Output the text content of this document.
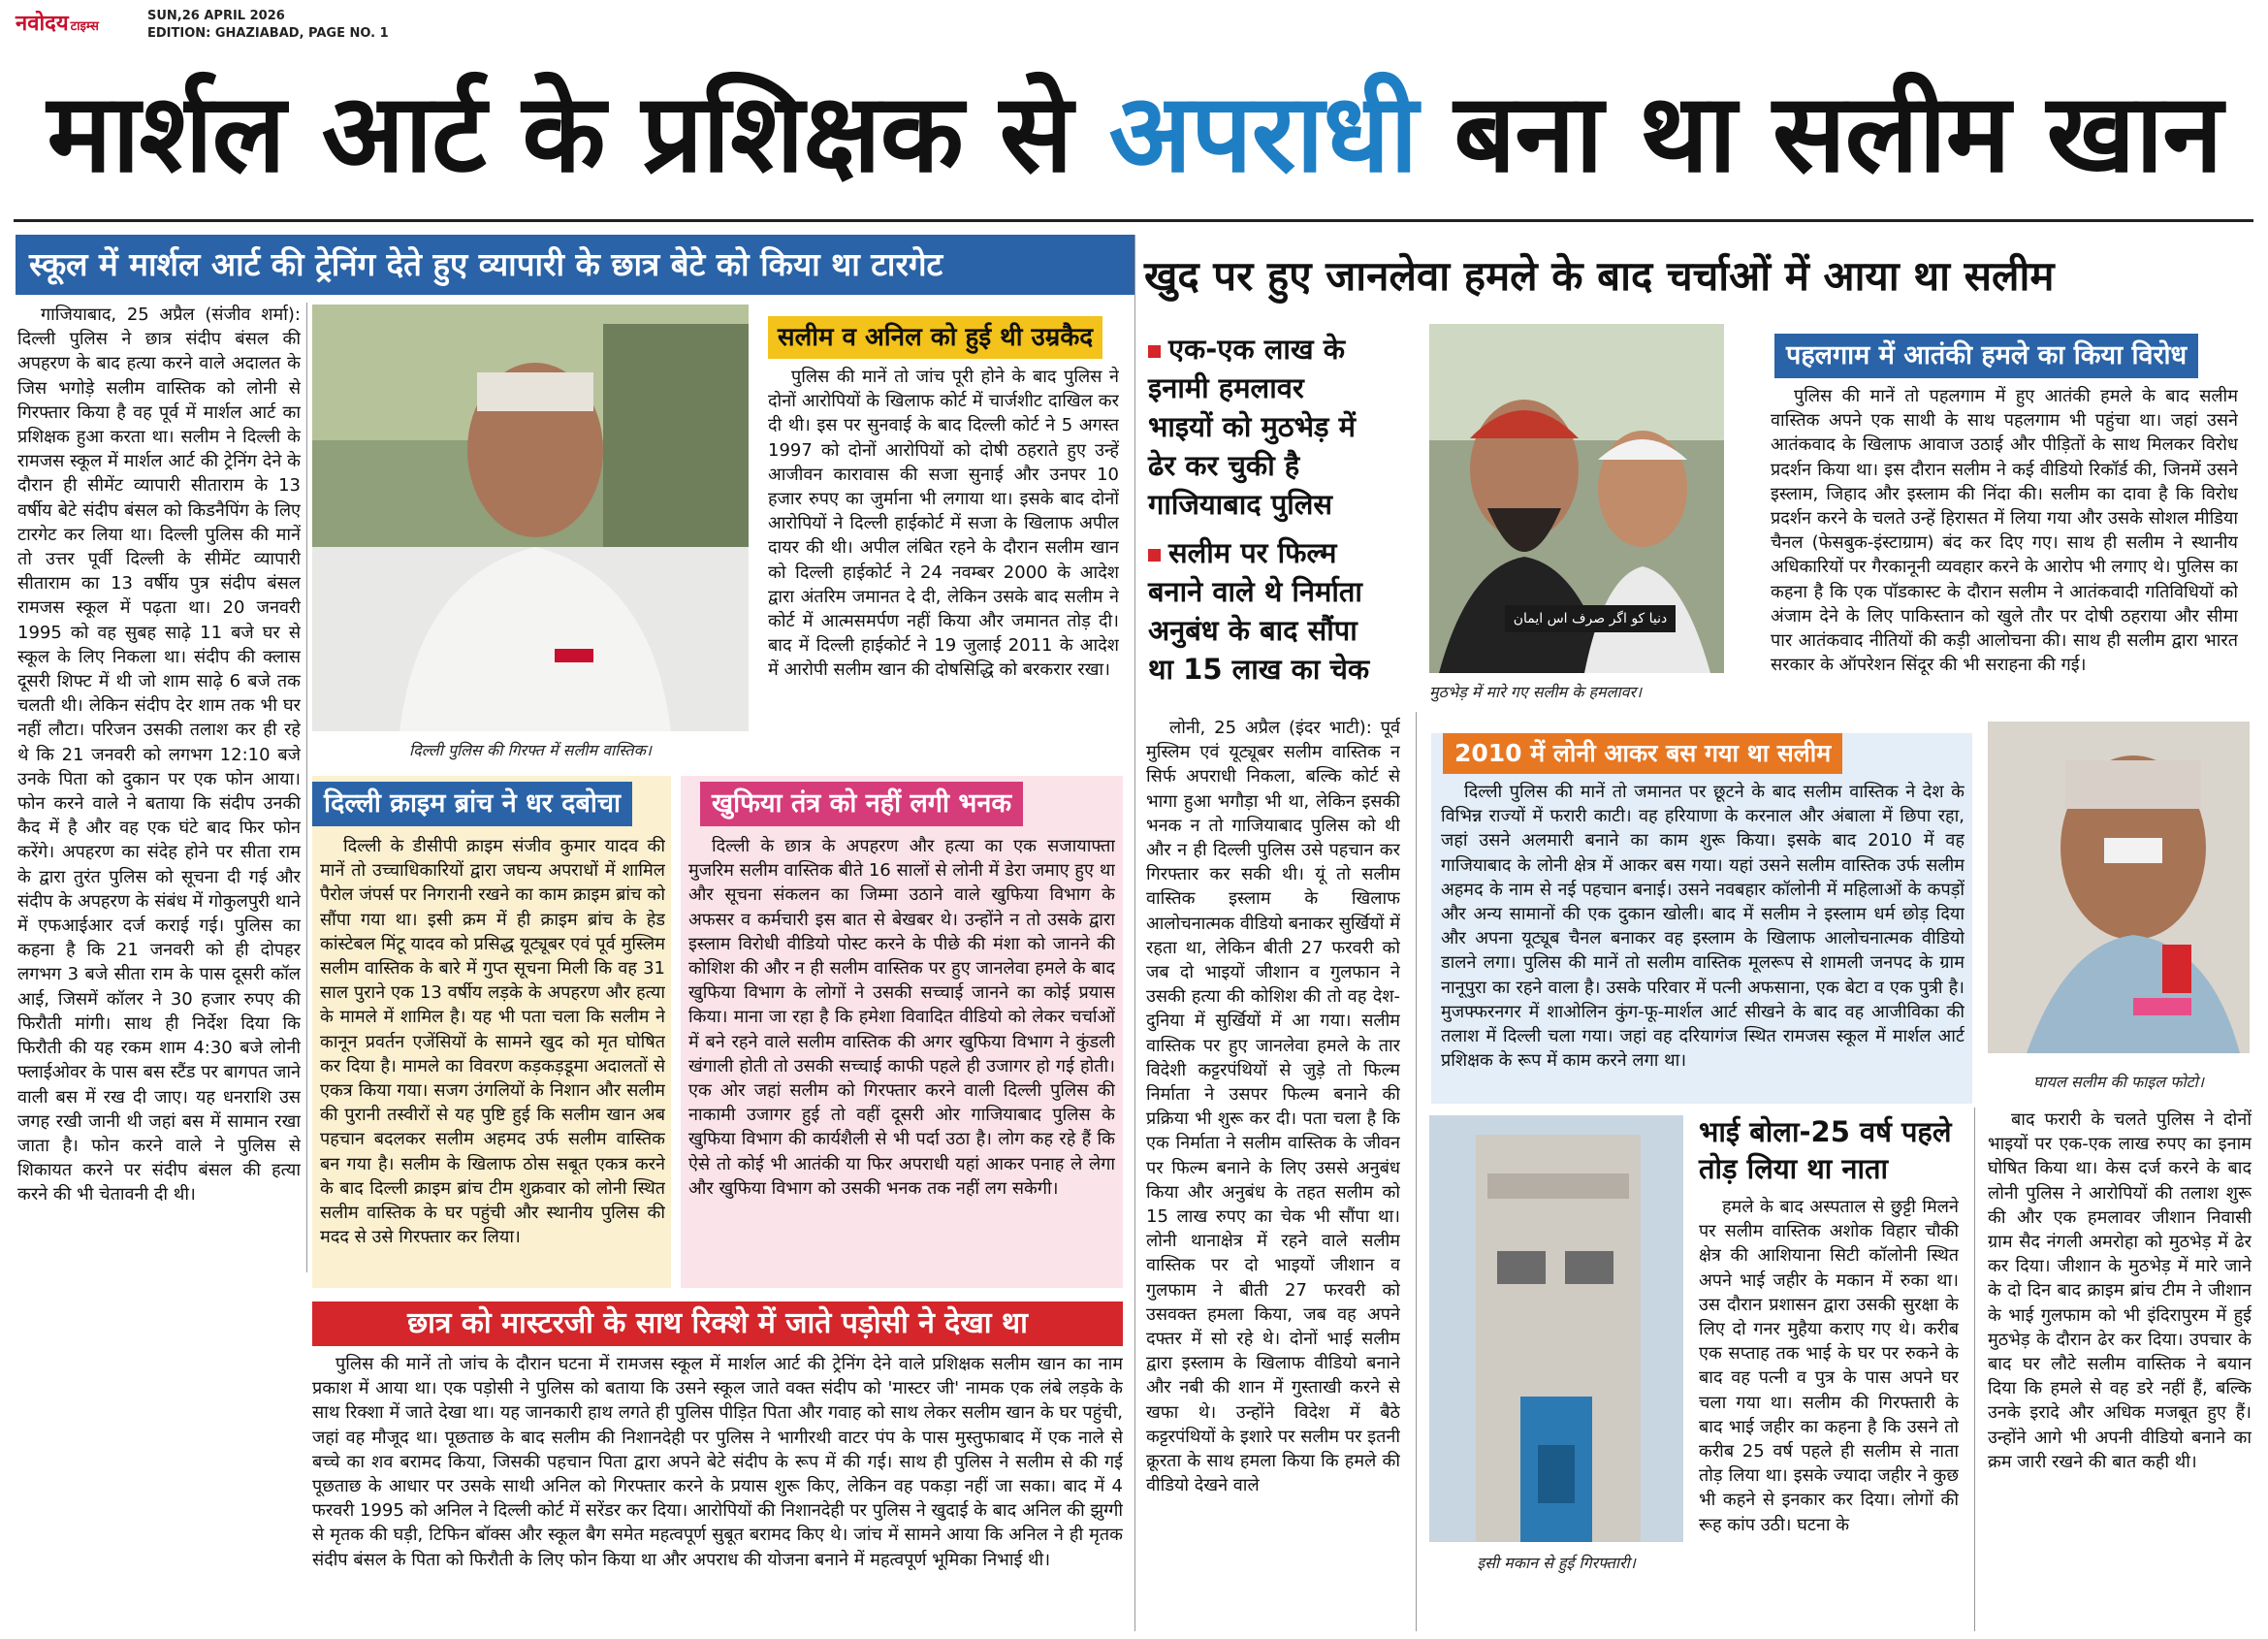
नवोदय टाइम्स
SUN,26 APRIL 2026
EDITION: GHAZIABAD, PAGE NO. 1
मार्शल आर्ट के प्रशिक्षक से अपराधी बना था सलीम खान
स्कूल में मार्शल आर्ट की ट्रेनिंग देते हुए व्यापारी के छात्र बेटे को किया था टारगेट

गाजियाबाद, 25 अप्रैल (संजीव शर्मा): दिल्ली पुलिस ने छात्र संदीप बंसल की अपहरण के बाद हत्या करने वाले अदालत के जिस भगोड़े सलीम वास्तिक को लोनी से गिरफ्तार किया है वह पूर्व में मार्शल आर्ट का प्रशिक्षक हुआ करता था। सलीम ने दिल्ली के रामजस स्कूल में मार्शल आर्ट की ट्रेनिंग देने के दौरान ही सीमेंट व्यापारी सीताराम के 13 वर्षीय बेटे संदीप बंसल को किडनैपिंग के लिए टारगेट कर लिया था। दिल्ली पुलिस की मानें तो उत्तर पूर्वी दिल्ली के सीमेंट व्यापारी सीताराम का 13 वर्षीय पुत्र संदीप बंसल रामजस स्कूल में पढ़ता था। 20 जनवरी 1995 को वह सुबह साढ़े 11 बजे घर से स्कूल के लिए निकला था। संदीप की क्लास दूसरी शिफ्ट में थी जो शाम साढ़े 6 बजे तक चलती थी। लेकिन संदीप देर शाम तक भी घर नहीं लौटा। परिजन उसकी तलाश कर ही रहे थे कि 21 जनवरी को लगभग 12:10 बजे उनके पिता को दुकान पर एक फोन आया। फोन करने वाले ने बताया कि संदीप उनकी कैद में है और वह एक घंटे बाद फिर फोन करेंगे। अपहरण का संदेह होने पर सीता राम के द्वारा तुरंत पुलिस को सूचना दी गई और संदीप के अपहरण के संबंध में गोकुलपुरी थाने में एफआईआर दर्ज कराई गई। पुलिस का कहना है कि 21 जनवरी को ही दोपहर लगभग 3 बजे सीता राम के पास दूसरी कॉल आई, जिसमें कॉलर ने 30 हजार रुपए की फिरौती मांगी। साथ ही निर्देश दिया कि फिरौती की यह रकम शाम 4:30 बजे लोनी फ्लाईओवर के पास बस स्टैंड पर बागपत जाने वाली बस में रख दी जाए। यह धनराशि उस जगह रखी जानी थी जहां बस में सामान रखा जाता है। फोन करने वाले ने पुलिस से शिकायत करने पर संदीप बंसल की हत्या करने की भी चेतावनी दी थी।

दिल्ली पुलिस की गिरफ्त में सलीम वास्तिक।
सलीम व अनिल को हुई थी उम्रकैद

पुलिस की मानें तो जांच पूरी होने के बाद पुलिस ने दोनों आरोपियों के खिलाफ कोर्ट में चार्जशीट दाखिल कर दी थी। इस पर सुनवाई के बाद दिल्ली कोर्ट ने 5 अगस्त 1997 को दोनों आरोपियों को दोषी ठहराते हुए उन्हें आजीवन कारावास की सजा सुनाई और उनपर 10 हजार रुपए का जुर्माना भी लगाया था। इसके बाद दोनों आरोपियों ने दिल्ली हाईकोर्ट में सजा के खिलाफ अपील दायर की थी। अपील लंबित रहने के दौरान सलीम खान को दिल्ली हाईकोर्ट ने 24 नवम्बर 2000 के आदेश द्वारा अंतरिम जमानत दे दी, लेकिन उसके बाद सलीम ने कोर्ट में आत्मसमर्पण नहीं किया और जमानत तोड़ दी। बाद में दिल्ली हाईकोर्ट ने 19 जुलाई 2011 के आदेश में आरोपी सलीम खान की दोषसिद्धि को बरकरार रखा।

दिल्ली क्राइम ब्रांच ने धर दबोचा

दिल्ली के डीसीपी क्राइम संजीव कुमार यादव की मानें तो उच्चाधिकारियों द्वारा जघन्य अपराधों में शामिल पैरोल जंपर्स पर निगरानी रखने का काम क्राइम ब्रांच को सौंपा गया था। इसी क्रम में ही क्राइम ब्रांच के हेड कांस्टेबल मिंटू यादव को प्रसिद्ध यूट्यूबर एवं पूर्व मुस्लिम सलीम वास्तिक के बारे में गुप्त सूचना मिली कि वह 31 साल पुराने एक 13 वर्षीय लड़के के अपहरण और हत्या के मामले में शामिल है। यह भी पता चला कि सलीम ने कानून प्रवर्तन एजेंसियों के सामने खुद को मृत घोषित कर दिया है। मामले का विवरण कड़कड़डूमा अदालतों से एकत्र किया गया। सजग उंगलियों के निशान और सलीम की पुरानी तस्वीरों से यह पुष्टि हुई कि सलीम खान अब पहचान बदलकर सलीम अहमद उर्फ सलीम वास्तिक बन गया है। सलीम के खिलाफ ठोस सबूत एकत्र करने के बाद दिल्ली क्राइम ब्रांच टीम शुक्रवार को लोनी स्थित सलीम वास्तिक के घर पहुंची और स्थानीय पुलिस की मदद से उसे गिरफ्तार कर लिया।

खुफिया तंत्र को नहीं लगी भनक

दिल्ली के छात्र के अपहरण और हत्या का एक सजायाफ्ता मुजरिम सलीम वास्तिक बीते 16 सालों से लोनी में डेरा जमाए हुए था और सूचना संकलन का जिम्मा उठाने वाले खुफिया विभाग के अफसर व कर्मचारी इस बात से बेखबर थे। उन्होंने न तो उसके द्वारा इस्लाम विरोधी वीडियो पोस्ट करने के पीछे की मंशा को जानने की कोशिश की और न ही सलीम वास्तिक पर हुए जानलेवा हमले के बाद खुफिया विभाग के लोगों ने उसकी सच्चाई जानने का कोई प्रयास किया। माना जा रहा है कि हमेशा विवादित वीडियो को लेकर चर्चाओं में बने रहने वाले सलीम वास्तिक की अगर खुफिया विभाग ने कुंडली खंगाली होती तो उसकी सच्चाई काफी पहले ही उजागर हो गई होती। एक ओर जहां सलीम को गिरफ्तार करने वाली दिल्ली पुलिस की नाकामी उजागर हुई तो वहीं दूसरी ओर गाजियाबाद पुलिस के खुफिया विभाग की कार्यशैली से भी पर्दा उठा है। लोग कह रहे हैं कि ऐसे तो कोई भी आतंकी या फिर अपराधी यहां आकर पनाह ले लेगा और खुफिया विभाग को उसकी भनक तक नहीं लग सकेगी।

छात्र को मास्टरजी के साथ रिक्शे में जाते पड़ोसी ने देखा था

पुलिस की मानें तो जांच के दौरान घटना में रामजस स्कूल में मार्शल आर्ट की ट्रेनिंग देने वाले प्रशिक्षक सलीम खान का नाम प्रकाश में आया था। एक पड़ोसी ने पुलिस को बताया कि उसने स्कूल जाते वक्त संदीप को 'मास्टर जी' नामक एक लंबे लड़के के साथ रिक्शा में जाते देखा था। यह जानकारी हाथ लगते ही पुलिस पीड़ित पिता और गवाह को साथ लेकर सलीम खान के घर पहुंची, जहां वह मौजूद था। पूछताछ के बाद सलीम की निशानदेही पर पुलिस ने भागीरथी वाटर पंप के पास मुस्तुफाबाद में एक नाले से बच्चे का शव बरामद किया, जिसकी पहचान पिता द्वारा अपने बेटे संदीप के रूप में की गई। साथ ही पुलिस ने सलीम से की गई पूछताछ के आधार पर उसके साथी अनिल को गिरफ्तार करने के प्रयास शुरू किए, लेकिन वह पकड़ा नहीं जा सका। बाद में 4 फरवरी 1995 को अनिल ने दिल्ली कोर्ट में सरेंडर कर दिया। आरोपियों की निशानदेही पर पुलिस ने खुदाई के बाद अनिल की झुग्गी से मृतक की घड़ी, टिफिन बॉक्स और स्कूल बैग समेत महत्वपूर्ण सुबूत बरामद किए थे। जांच में सामने आया कि अनिल ने ही मृतक संदीप बंसल के पिता को फिरौती के लिए फोन किया था और अपराध की योजना बनाने में महत्वपूर्ण भूमिका निभाई थी।

खुद पर हुए जानलेवा हमले के बाद चर्चाओं में आया था सलीम
एक-एक लाख के इनामी हमलावर भाइयों को मुठभेड़ में ढेर कर चुकी है गाजियाबाद पुलिस
सलीम पर फिल्म बनाने वाले थे निर्माता अनुबंध के बाद सौंपा था 15 लाख का चेक
دنیا کو اگر صرف اس ایمان
मुठभेड़ में मारे गए सलीम के हमलावर।
पहलगाम में आतंकी हमले का किया विरोध

पुलिस की मानें तो पहलगाम में हुए आतंकी हमले के बाद सलीम वास्तिक अपने एक साथी के साथ पहलगाम भी पहुंचा था। जहां उसने आतंकवाद के खिलाफ आवाज उठाई और पीड़ितों के साथ मिलकर विरोध प्रदर्शन किया था। इस दौरान सलीम ने कई वीडियो रिकॉर्ड की, जिनमें उसने इस्लाम, जिहाद और इस्लाम की निंदा की। सलीम का दावा है कि विरोध प्रदर्शन करने के चलते उन्हें हिरासत में लिया गया और उसके सोशल मीडिया चैनल (फेसबुक-इंस्टाग्राम) बंद कर दिए गए। साथ ही सलीम ने स्थानीय अधिकारियों पर गैरकानूनी व्यवहार करने के आरोप भी लगाए थे। पुलिस का कहना है कि एक पॉडकास्ट के दौरान सलीम ने आतंकवादी गतिविधियों को अंजाम देने के लिए पाकिस्तान को खुले तौर पर दोषी ठहराया और सीमा पार आतंकवाद नीतियों की कड़ी आलोचना की। साथ ही सलीम द्वारा भारत सरकार के ऑपरेशन सिंदूर की भी सराहना की गई।

लोनी, 25 अप्रैल (इंदर भाटी): पूर्व मुस्लिम एवं यूट्यूबर सलीम वास्तिक न सिर्फ अपराधी निकला, बल्कि कोर्ट से भागा हुआ भगौड़ा भी था, लेकिन इसकी भनक न तो गाजियाबाद पुलिस को थी और न ही दिल्ली पुलिस उसे पहचान कर गिरफ्तार कर सकी थी। यूं तो सलीम वास्तिक इस्लाम के खिलाफ आलोचनात्मक वीडियो बनाकर सुर्खियों में रहता था, लेकिन बीती 27 फरवरी को जब दो भाइयों जीशान व गुलफान ने उसकी हत्या की कोशिश की तो वह देश-दुनिया में सुर्खियों में आ गया। सलीम वास्तिक पर हुए जानलेवा हमले के तार विदेशी कट्टरपंथियों से जुड़े तो फिल्म निर्माता ने उसपर फिल्म बनाने की प्रक्रिया भी शुरू कर दी। पता चला है कि एक निर्माता ने सलीम वास्तिक के जीवन पर फिल्म बनाने के लिए उससे अनुबंध किया और अनुबंध के तहत सलीम को 15 लाख रुपए का चेक भी सौंपा था। लोनी थानाक्षेत्र में रहने वाले सलीम वास्तिक पर दो भाइयों जीशान व गुलफाम ने बीती 27 फरवरी को उसवक्त हमला किया, जब वह अपने दफ्तर में सो रहे थे। दोनों भाई सलीम द्वारा इस्लाम के खिलाफ वीडियो बनाने और नबी की शान में गुस्ताखी करने से खफा थे। उन्होंने विदेश में बैठे कट्टरपंथियों के इशारे पर सलीम पर इतनी क्रूरता के साथ हमला किया कि हमले की वीडियो देखने वाले

2010 में लोनी आकर बस गया था सलीम

दिल्ली पुलिस की मानें तो जमानत पर छूटने के बाद सलीम वास्तिक ने देश के विभिन्न राज्यों में फरारी काटी। वह हरियाणा के करनाल और अंबाला में छिपा रहा, जहां उसने अलमारी बनाने का काम शुरू किया। इसके बाद 2010 में वह गाजियाबाद के लोनी क्षेत्र में आकर बस गया। यहां उसने सलीम वास्तिक उर्फ सलीम अहमद के नाम से नई पहचान बनाई। उसने नवबहार कॉलोनी में महिलाओं के कपड़ों और अन्य सामानों की एक दुकान खोली। बाद में सलीम ने इस्लाम धर्म छोड़ दिया और अपना यूट्यूब चैनल बनाकर वह इस्लाम के खिलाफ आलोचनात्मक वीडियो डालने लगा। पुलिस की मानें तो सलीम वास्तिक मूलरूप से शामली जनपद के ग्राम नानूपुरा का रहने वाला है। उसके परिवार में पत्नी अफसाना, एक बेटा व एक पुत्री है। मुजफ्फरनगर में शाओलिन कुंग-फू-मार्शल आर्ट सीखने के बाद वह आजीविका की तलाश में दिल्ली चला गया। जहां वह दरियागंज स्थित रामजस स्कूल में मार्शल आर्ट प्रशिक्षक के रूप में काम करने लगा था।

घायल सलीम की फाइल फोटो।
इसी मकान से हुई गिरफ्तारी।
भाई बोला-25 वर्ष पहले तोड़ लिया था नाता

हमले के बाद अस्पताल से छुट्टी मिलने पर सलीम वास्तिक अशोक विहार चौकी क्षेत्र की आशियाना सिटी कॉलोनी स्थित अपने भाई जहीर के मकान में रुका था। उस दौरान प्रशासन द्वारा उसकी सुरक्षा के लिए दो गनर मुहैया कराए गए थे। करीब एक सप्ताह तक भाई के घर पर रुकने के बाद वह पत्नी व पुत्र के पास अपने घर चला गया था। सलीम की गिरफ्तारी के बाद भाई जहीर का कहना है कि उसने तो करीब 25 वर्ष पहले ही सलीम से नाता तोड़ लिया था। इसके ज्यादा जहीर ने कुछ भी कहने से इनकार कर दिया। लोगों की रूह कांप उठी। घटना के

बाद फरारी के चलते पुलिस ने दोनों भाइयों पर एक-एक लाख रुपए का इनाम घोषित किया था। केस दर्ज करने के बाद लोनी पुलिस ने आरोपियों की तलाश शुरू की और एक हमलावर जीशान निवासी ग्राम सैद नंगली अमरोहा को मुठभेड़ में ढेर कर दिया। जीशान के मुठभेड़ में मारे जाने के दो दिन बाद क्राइम ब्रांच टीम ने जीशान के भाई गुलफाम को भी इंदिरापुरम में हुई मुठभेड़ के दौरान ढेर कर दिया। उपचार के बाद घर लौटे सलीम वास्तिक ने बयान दिया कि हमले से वह डरे नहीं हैं, बल्कि उनके इरादे और अधिक मजबूत हुए हैं। उन्होंने आगे भी अपनी वीडियो बनाने का क्रम जारी रखने की बात कही थी।
